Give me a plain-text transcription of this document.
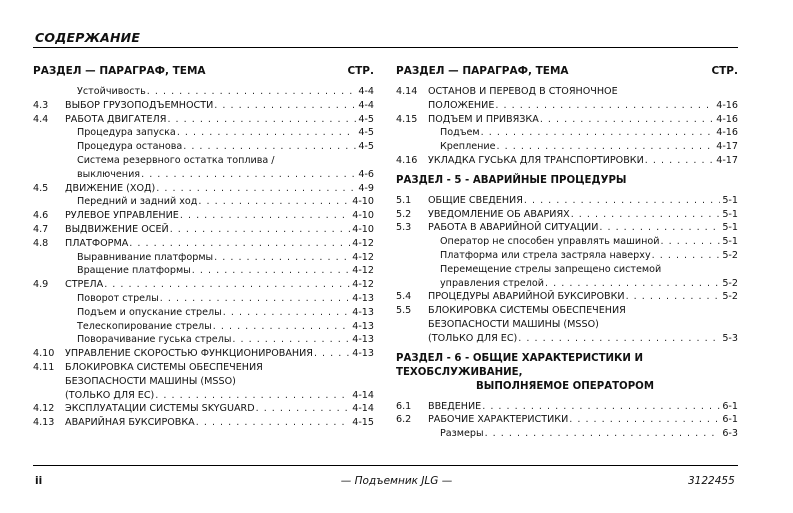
СОДЕРЖАНИЕ
РАЗДЕЛ — ПАРАГРАФ, ТЕМА	СТР.
Устойчивость . . .	4-4
4.3	ВЫБОР ГРУЗОПОДЪЕМНОСТИ . . .	4-4
4.4	РАБОТА ДВИГАТЕЛЯ . . .	4-5
Процедура запуска . . .	4-5
Процедура останова . . .	4-5
Система резервного остатка топлива /
выключения . . .	4-6
4.5	ДВИЖЕНИЕ (ХОД) . . .	4-9
Передний и задний ход . . .	4-10
4.6	РУЛЕВОЕ УПРАВЛЕНИЕ . . .	4-10
4.7	ВЫДВИЖЕНИЕ ОСЕЙ . . .	4-10
4.8	ПЛАТФОРМА . . .	4-12
Выравнивание платформы . . .	4-12
Вращение платформы . . .	4-12
4.9	СТРЕЛА . . .	4-12
Поворот стрелы . . .	4-13
Подъем и опускание стрелы . . .	4-13
Телескопирование стрелы . . .	4-13
Поворачивание гуська стрелы . . .	4-13
4.10	УПРАВЛЕНИЕ СКОРОСТЬЮ ФУНКЦИОНИРОВАНИЯ . . .	4-13
4.11	БЛОКИРОВКА СИСТЕМЫ ОБЕСПЕЧЕНИЯ
БЕЗОПАСНОСТИ МАШИНЫ (MSSO)
(ТОЛЬКО ДЛЯ ЕС) . . .	4-14
4.12	ЭКСПЛУАТАЦИИ СИСТЕМЫ SKYGUARD . . .	4-14
4.13	АВАРИЙНАЯ БУКСИРОВКА . . .	4-15
РАЗДЕЛ — ПАРАГРАФ, ТЕМА	СТР.
4.14	ОСТАНОВ И ПЕРЕВОД В СТОЯНОЧНОЕ
ПОЛОЖЕНИЕ . . .	4-16
4.15	ПОДЪЕМ И ПРИВЯЗКА . . .	4-16
Подъем . . .	4-16
Крепление . . .	4-17
4.16	УКЛАДКА ГУСЬКА ДЛЯ ТРАНСПОРТИРОВКИ . . .	4-17
РАЗДЕЛ - 5 - АВАРИЙНЫЕ ПРОЦЕДУРЫ
5.1	ОБЩИЕ СВЕДЕНИЯ . . .	5-1
5.2	УВЕДОМЛЕНИЕ ОБ АВАРИЯХ . . .	5-1
5.3	РАБОТА В АВАРИЙНОЙ СИТУАЦИИ . . .	5-1
Оператор не способен управлять машиной . . .	5-1
Платформа или стрела застряла наверху . . .	5-2
Перемещение стрелы запрещено системой
управления стрелой . . .	5-2
5.4	ПРОЦЕДУРЫ АВАРИЙНОЙ БУКСИРОВКИ . . .	5-2
5.5	БЛОКИРОВКА СИСТЕМЫ ОБЕСПЕЧЕНИЯ
БЕЗОПАСНОСТИ МАШИНЫ (MSSO)
(ТОЛЬКО ДЛЯ ЕС) . . .	5-3
РАЗДЕЛ - 6 - ОБЩИЕ ХАРАКТЕРИСТИКИ И ТЕХОБСЛУЖИВАНИЕ,
ВЫПОЛНЯЕМОЕ ОПЕРАТОРОМ
6.1	ВВЕДЕНИЕ . . .	6-1
6.2	РАБОЧИЕ ХАРАКТЕРИСТИКИ . . .	6-1
Размеры . . .	6-3
ii	— Подъемник JLG —	3122455
